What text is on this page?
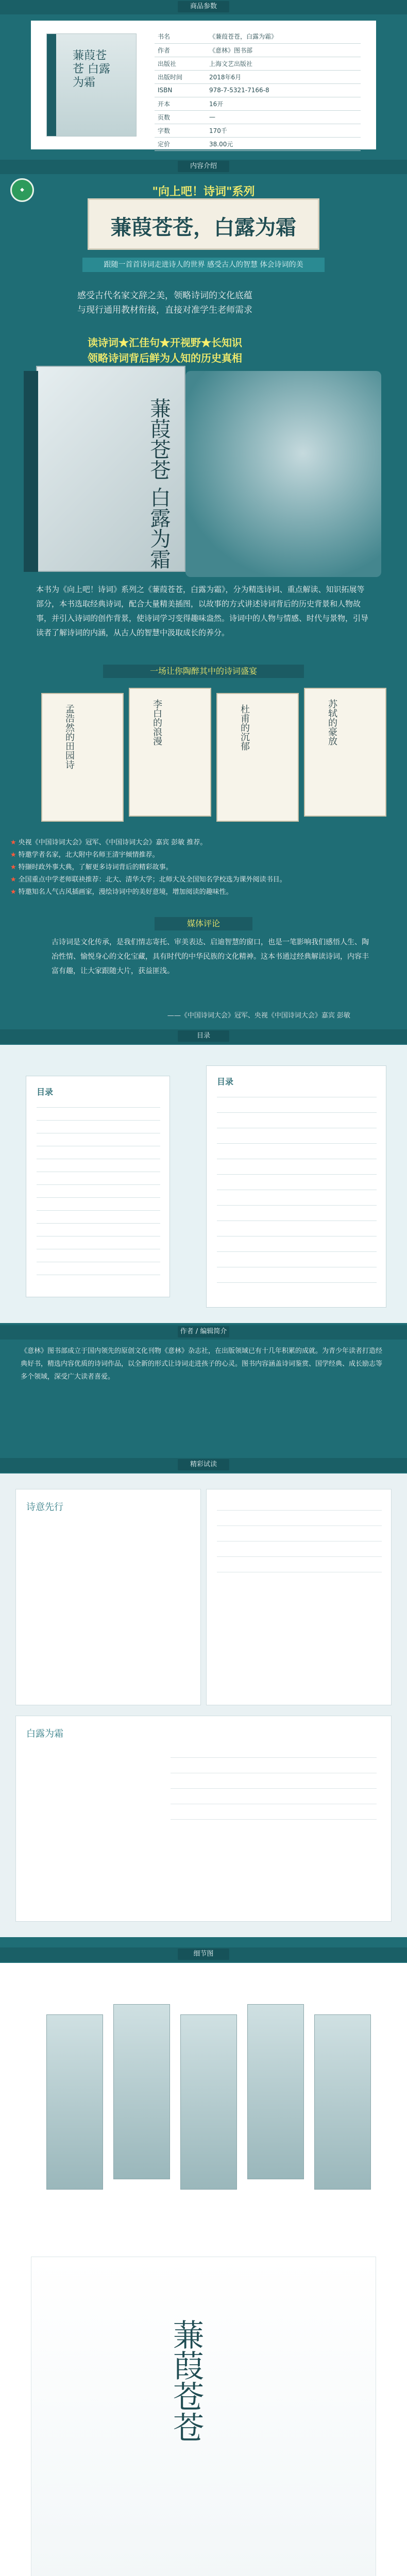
商品参数
蒹葭苍苍 白露为霜
书名	《蒹葭苍苍，白露为霜》
作者	《意林》图书部
出版社	上海文艺出版社
出版时间	2018年6月
ISBN	978-7-5321-7166-8
开本	16开
页数	—
字数	170千
定价	38.00元
内容介绍
◆	"向上吧！诗词"系列
蒹葭苍苍，白露为霜
跟随一首首诗词走进诗人的世界 感受古人的智慧 体会诗词的美
感受古代名家文辞之美，领略诗词的文化底蕴
与现行通用教材衔接，直接对准学生老师需求
读诗词★汇佳句★开视野★长知识
领略诗词背后鲜为人知的历史真相
蒹葭苍苍 白露为霜
本书为《向上吧！诗词》系列之《蒹葭苍苍，白露为霜》，分为精选诗词、重点解读、知识拓展等部分，本书选取经典诗词，配合大量精美插图，以故事的方式讲述诗词背后的历史背景和人物故事，并引入诗词的创作背景，使诗词学习变得趣味盎然。诗词中的人物与情感、时代与景物，引导读者了解诗词的内涵，从古人的智慧中汲取成长的养分。
一场让你陶醉其中的诗词盛宴
孟浩然的田园诗	李白的浪漫	杜甫的沉郁	苏轼的豪放
★ 央视《中国诗词大会》冠军、《中国诗词大会》嘉宾 彭敏 推荐。
★ 特邀学者名家，北大附中名师王清宇倾情推荐。
★ 特撷时政外事大典，了解更多诗词背后的精彩故事。
★ 全国重点中学老师联袂推荐：北大、清华大学；北师大及全国知名学校选为课外阅读书目。
★ 特邀知名人气古风插画家，漫绘诗词中的美好意境，增加阅读的趣味性。
媒体评论
古诗词是文化传承，是我们情志寄托、审美表达、启迪智慧的窗口，也是一笔影响我们感悟人生、陶冶性情、愉悦身心的文化宝藏，具有时代的中华民族的文化精神。这本书通过经典解读诗词，内容丰富有趣，让大家跟随大片，获益匪浅。
——《中国诗词大会》冠军、央视《中国诗词大会》嘉宾 彭敏
目录
目录
目录
作者 / 编辑简介
《意林》图书部成立于国内领先的原创文化刊物《意林》杂志社，在出版领域已有十几年积累的成就。为青少年读者打造经典好书，精选内容优质的诗词作品，以全新的形式让诗词走进孩子的心灵。图书内容涵盖诗词鉴赏、国学经典、成长励志等多个领域，深受广大读者喜爱。
精彩试读
诗意先行
白露为霜
细节图
蒹葭苍苍
